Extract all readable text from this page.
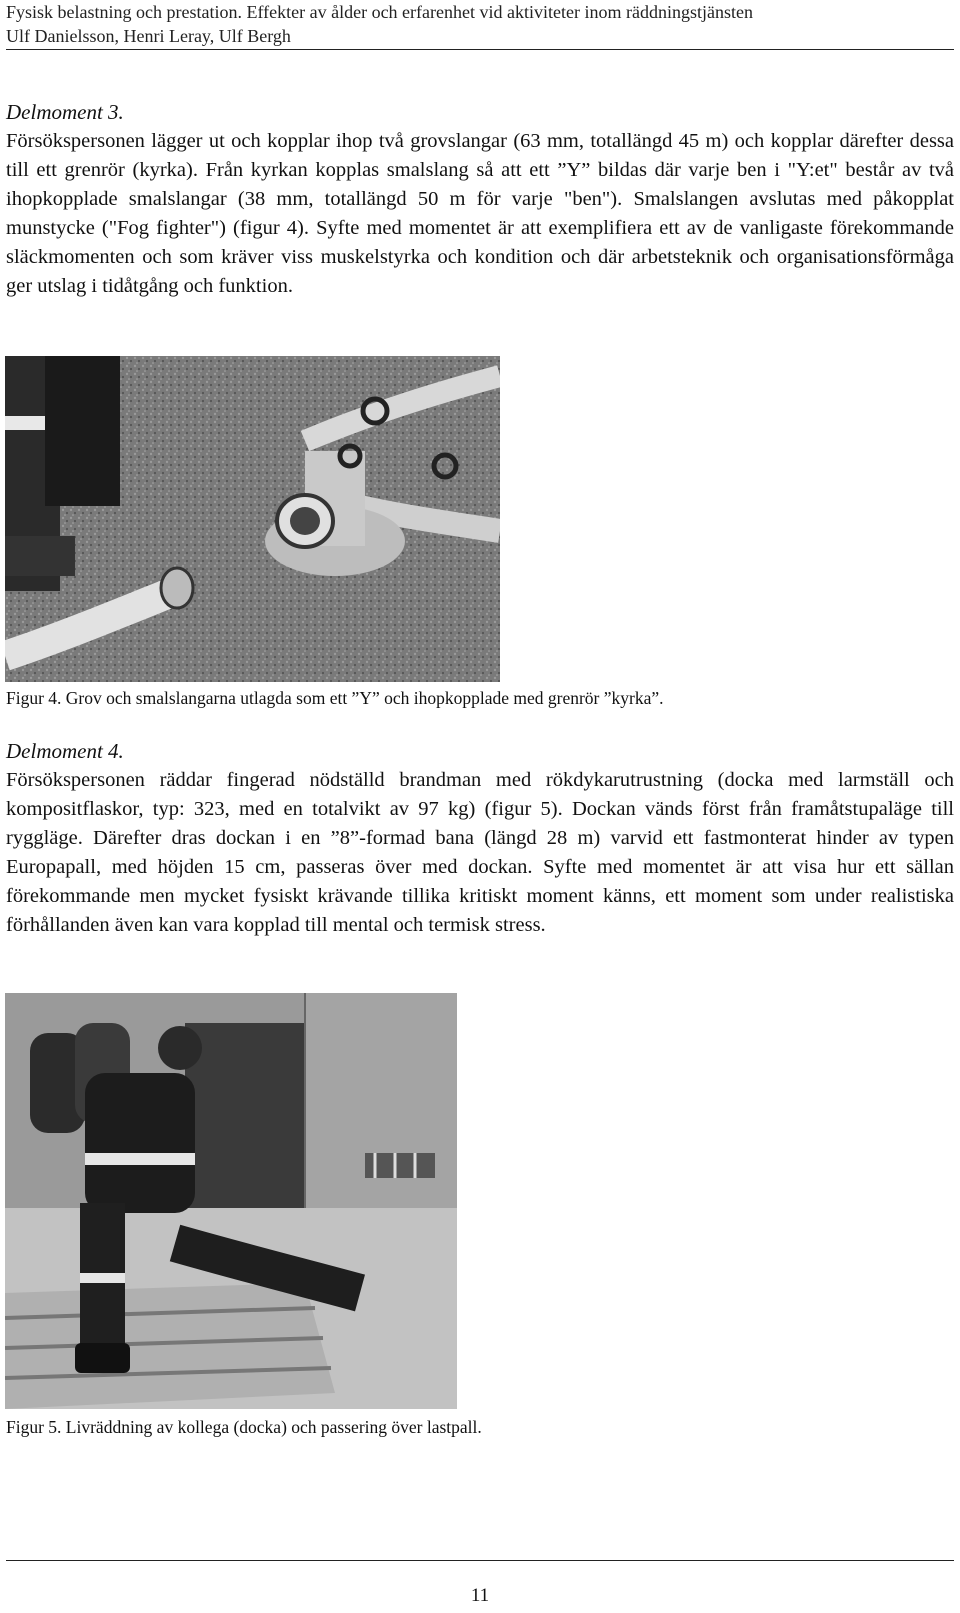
Fysisk belastning och prestation. Effekter av ålder och erfarenhet vid aktiviteter inom räddningstjänsten
Ulf Danielsson, Henri Leray, Ulf Bergh
Delmoment 3.
Försökspersonen lägger ut och kopplar ihop två grovslangar (63 mm, totallängd 45 m) och kopplar därefter dessa till ett grenrör (kyrka). Från kyrkan kopplas smalslang så att ett ”Y” bildas där varje ben i "Y:et" består av två ihopkopplade smalslangar (38 mm, totallängd 50 m för varje "ben"). Smalslangen avslutas med påkopplat munstycke ("Fog fighter") (figur 4). Syfte med momentet är att exemplifiera ett av de vanligaste förekommande släckmomenten och som kräver viss muskelstyrka och kondition och där arbetsteknik och organisationsförmåga ger utslag i tidåtgång och funktion.
Figur 4. Grov och smalslangarna utlagda som ett ”Y” och ihopkopplade med grenrör ”kyrka”.
Delmoment 4.
Försökspersonen räddar fingerad nödställd brandman med rökdykarutrustning (docka med larmställ och kompositflaskor, typ: 323, med en totalvikt av 97 kg) (figur 5). Dockan vänds först från framåtstupaläge till ryggläge. Därefter dras dockan i en ”8”-formad bana (längd 28 m) varvid ett fastmonterat hinder av typen Europapall, med höjden 15 cm, passeras över med dockan. Syfte med momentet är att visa hur ett sällan förekommande men mycket fysiskt krävande tillika kritiskt moment känns, ett moment som under realistiska förhållanden även kan vara kopplad till mental och termisk stress.
Figur 5. Livräddning av kollega (docka) och passering över lastpall.
11
